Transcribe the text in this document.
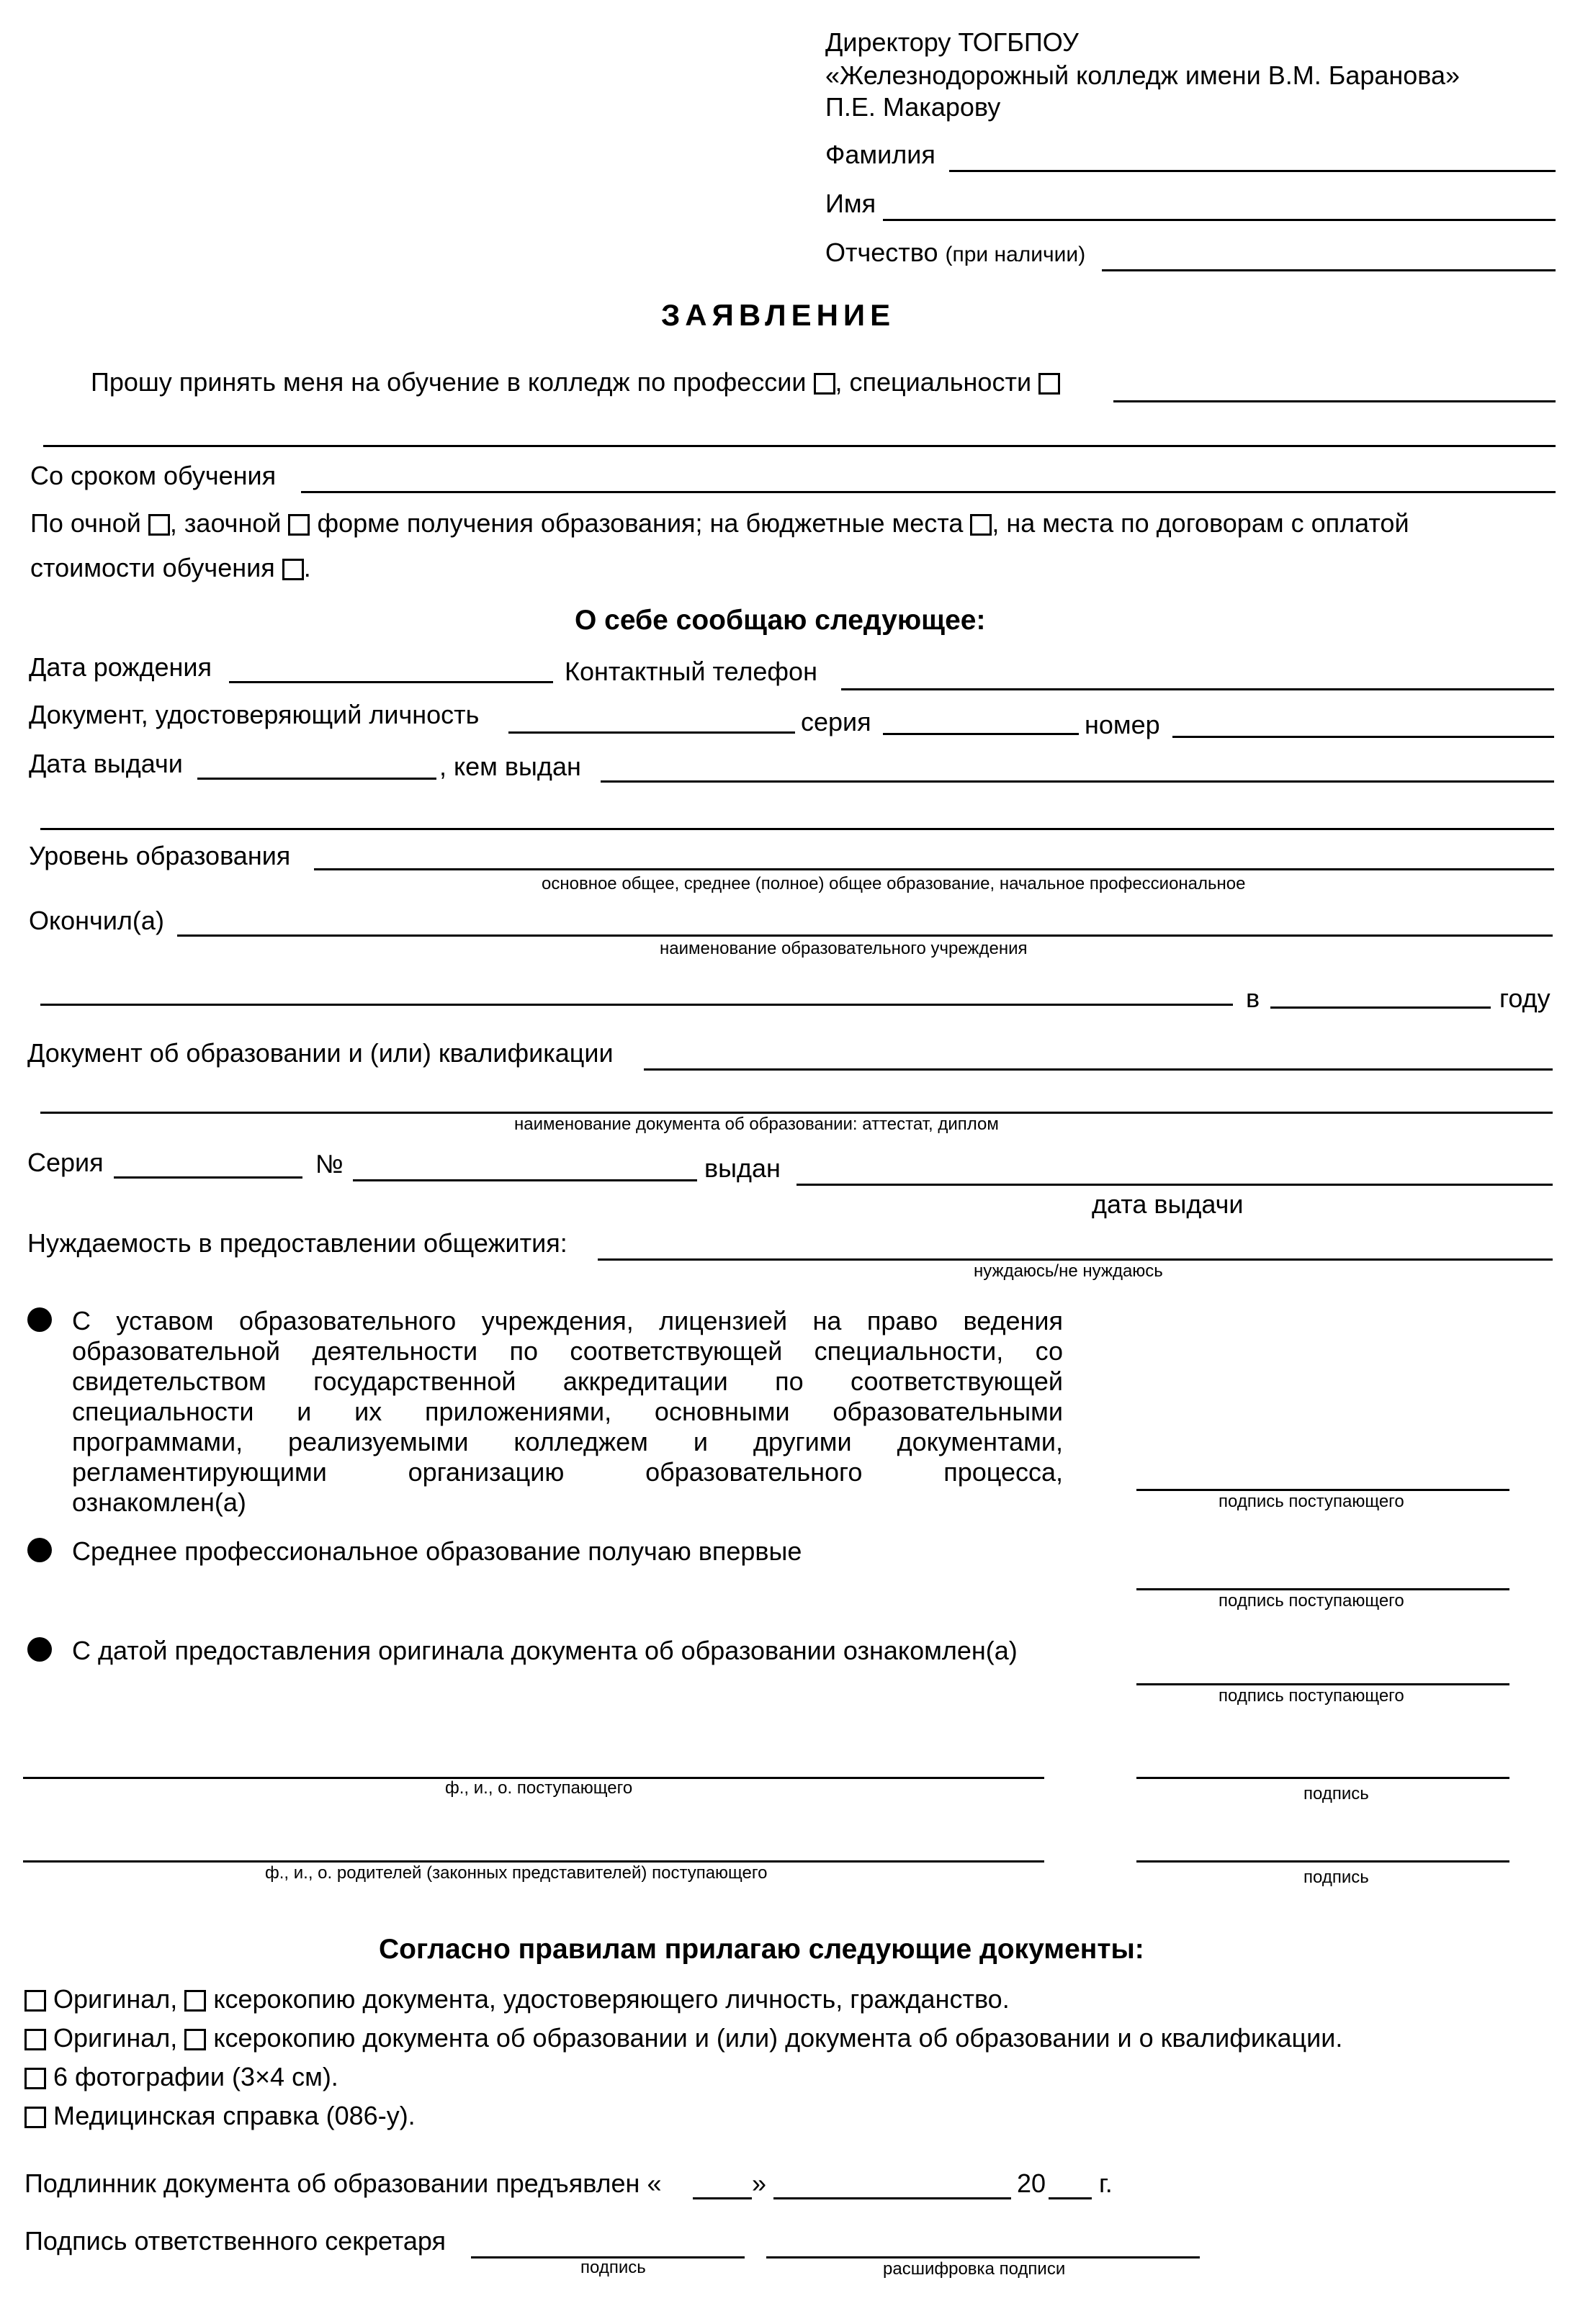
Директору ТОГБПОУ
«Железнодорожный колледж имени В.М. Баранова»
П.Е. Макарову
Фамилия
Имя
Отчество (при наличии)
ЗАЯВЛЕНИЕ
Прошу принять меня на обучение в колледж по профессии , специальности
Со сроком обучения
По очной , заочной форме получения образования; на бюджетные места , на места по договорам с оплатой
стоимости обучения .
О себе сообщаю следующее:
Дата рождения	Контактный телефон
Документ, удостоверяющий личность	серия	номер
Дата выдачи	, кем выдан
Уровень образования
основное общее, среднее (полное) общее образование, начальное профессиональное
Окончил(а)
наименование образовательного учреждения
в	году
Документ об образовании и (или) квалификации
наименование документа об образовании: аттестат, диплом
Серия	№	выдан
дата выдачи
Нуждаемость в предоставлении общежития:
нуждаюсь/не нуждаюсь
С уставом образовательного учреждения, лицензией на право ведения
образовательной деятельности по соответствующей специальности, со
свидетельством государственной аккредитации по соответствующей
специальности и их приложениями, основными образовательными
программами, реализуемыми колледжем и другими документами,
регламентирующими организацию образовательного процесса,
ознакомлен(а)	подпись поступающего
Среднее профессиональное образование получаю впервые
подпись поступающего
С датой предоставления оригинала документа об образовании ознакомлен(а)
подпись поступающего
ф., и., о. поступающего	подпись
ф., и., о. родителей (законных представителей) поступающего	подпись
Согласно правилам прилагаю следующие документы:
Оригинал, ксерокопию документа, удостоверяющего личность, гражданство.
Оригинал, ксерокопию документа об образовании и (или) документа об образовании и о квалификации.
6 фотографии (3×4 см).
Медицинская справка (086-у).
Подлинник документа об образовании предъявлен «	»	20 г.
Подпись ответственного секретаря
подпись	расшифровка подписи
